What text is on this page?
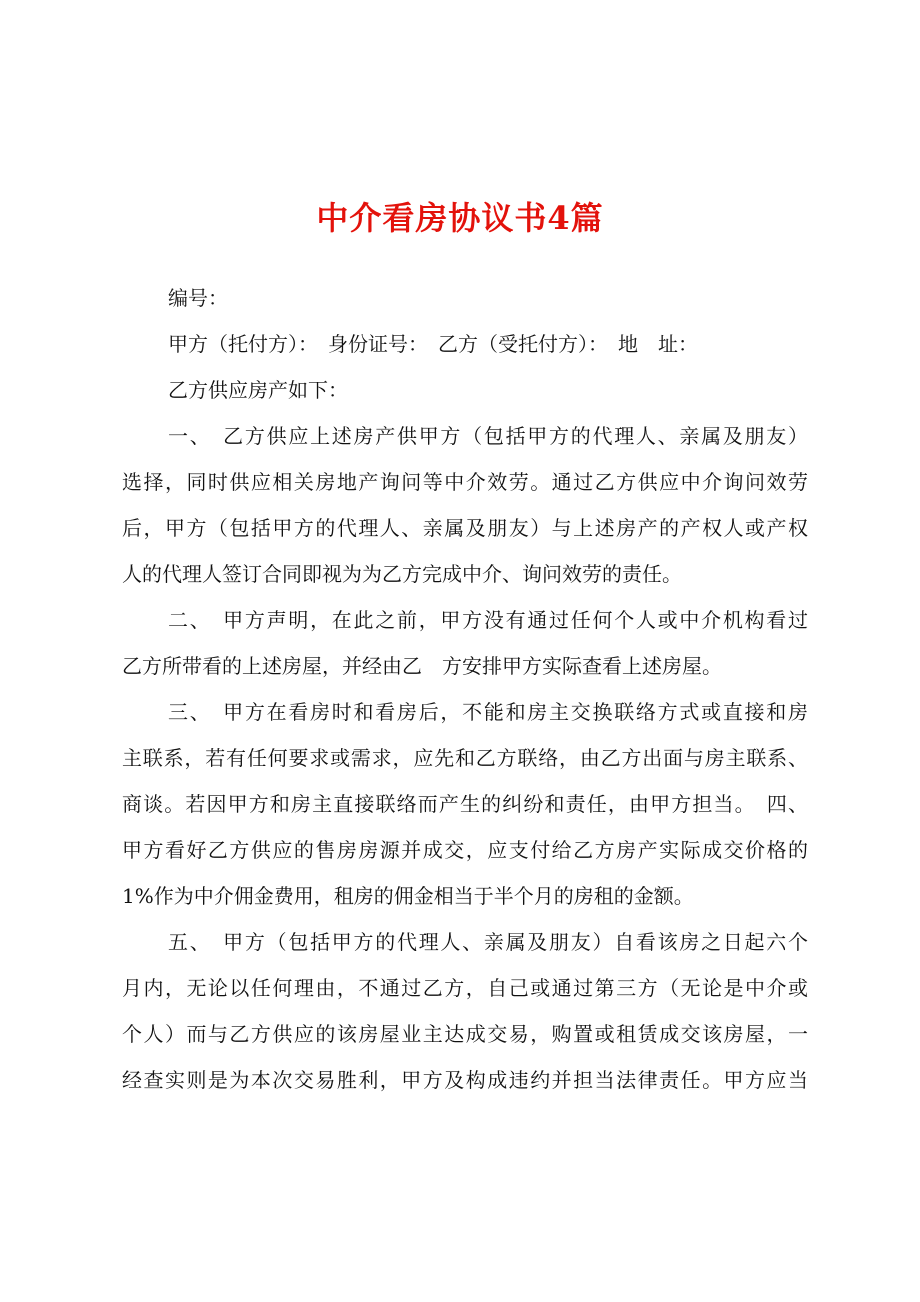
中介看房协议书4篇
编号：
甲方（托付方）：　身份证号：　乙方（受托付方）：　地　址：
乙方供应房产如下：
一、　乙方供应上述房产供甲方（包括甲方的代理人、亲属及朋友）
选择，同时供应相关房地产询问等中介效劳。通过乙方供应中介询问效劳
后，甲方（包括甲方的代理人、亲属及朋友）与上述房产的产权人或产权
人的代理人签订合同即视为为乙方完成中介、询问效劳的责任。
二、　甲方声明，在此之前，甲方没有通过任何个人或中介机构看过
乙方所带看的上述房屋，并经由乙　方安排甲方实际查看上述房屋。
三、　甲方在看房时和看房后，不能和房主交换联络方式或直接和房
主联系，若有任何要求或需求，应先和乙方联络，由乙方出面与房主联系、
商谈。若因甲方和房主直接联络而产生的纠纷和责任，由甲方担当。　四、
甲方看好乙方供应的售房房源并成交，应支付给乙方房产实际成交价格的
1%作为中介佣金费用，租房的佣金相当于半个月的房租的金额。
五、　甲方（包括甲方的代理人、亲属及朋友）自看该房之日起六个
月内，无论以任何理由，不通过乙方，自己或通过第三方（无论是中介或
个人）而与乙方供应的该房屋业主达成交易，购置或租赁成交该房屋，一
经查实则是为本次交易胜利，甲方及构成违约并担当法律责任。甲方应当
